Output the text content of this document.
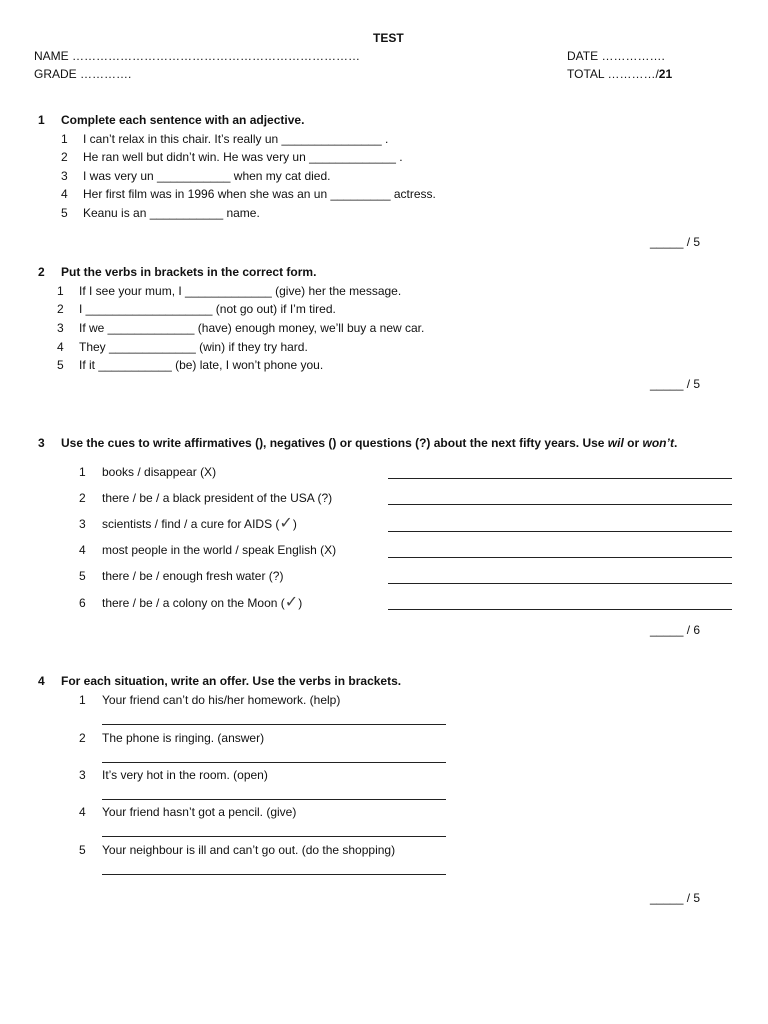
TEST
NAME ………………………………………………………………
GRADE ………….
DATE …………….
TOTAL …………/21
1 Complete each sentence with an adjective.
1 I can’t relax in this chair. It’s really un _______________ .
2 He ran well but didn’t win. He was very un _____________ .
3 I was very un ___________ when my cat died.
4 Her first film was in 1996 when she was an un _________ actress.
5 Keanu is an ___________ name.
_____ / 5
2 Put the verbs in brackets in the correct form.
1 If I see your mum, I _____________ (give) her the message.
2 I ___________________ (not go out) if I’m tired.
3 If we _____________ (have) enough money, we’ll buy a new car.
4 They _____________ (win) if they try hard.
5 If it ___________ (be) late, I won’t phone you.
_____ / 5
3 Use the cues to write affirmatives (), negatives () or questions (?) about the next fifty years. Use wil or won’t.
1 books / disappear (X)
2 there / be / a black president of the USA (?)
3 scientists / find / a cure for AIDS (✓)
4 most people in the world / speak English (X)
5 there / be / enough fresh water (?)
6 there / be / a colony on the Moon (✓)
_____ / 6
4 For each situation, write an offer. Use the verbs in brackets.
1 Your friend can’t do his/her homework. (help)
2 The phone is ringing. (answer)
3 It’s very hot in the room. (open)
4 Your friend hasn’t got a pencil. (give)
5 Your neighbour is ill and can’t go out. (do the shopping)
_____ / 5
